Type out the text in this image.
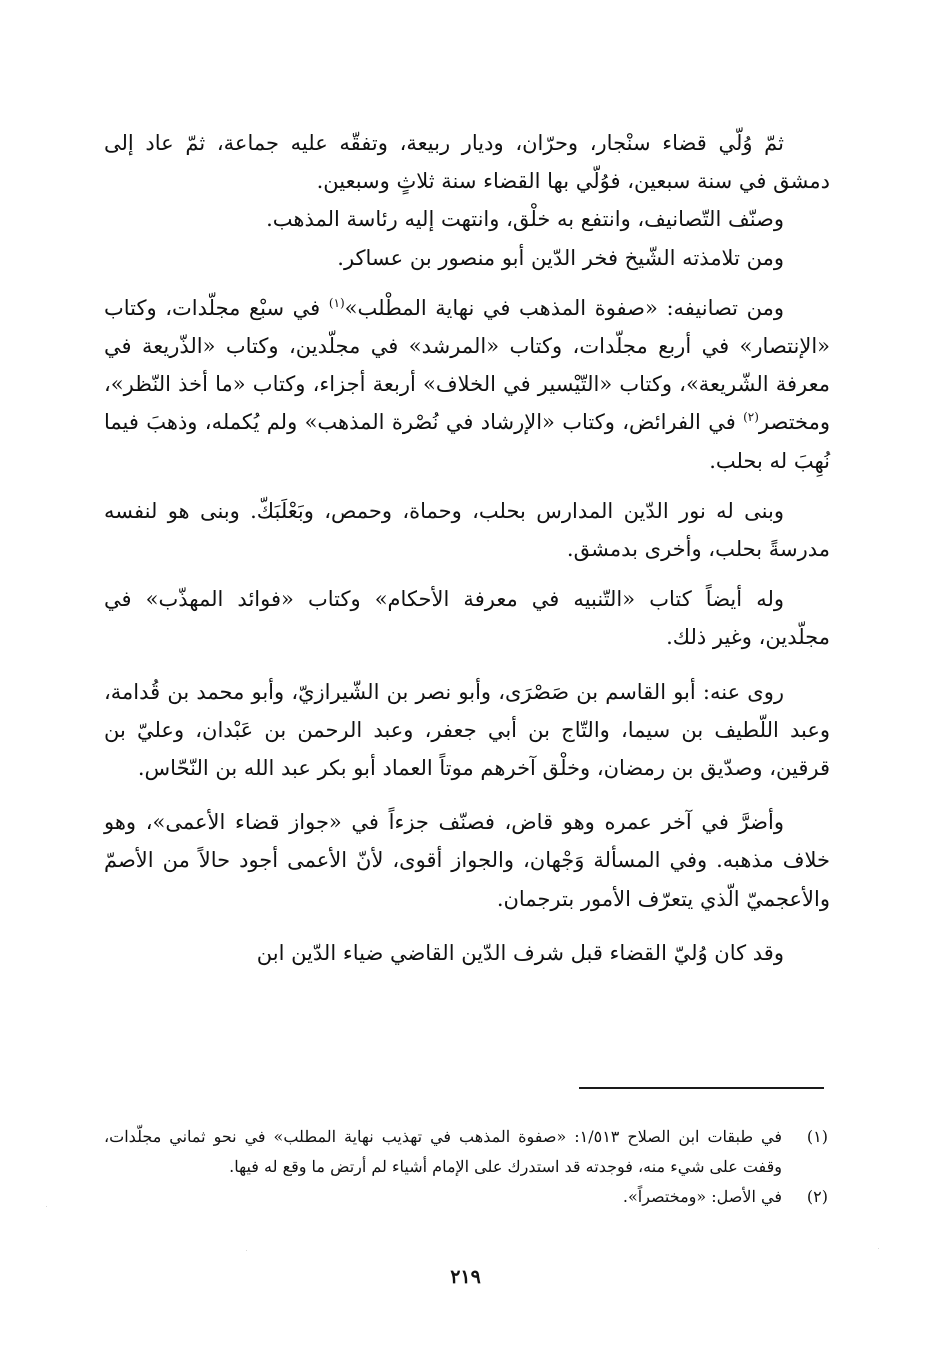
ثمّ وُلّي قضاء سنْجار، وحرّان، وديار ربيعة، وتفقّه عليه جماعة، ثمّ عاد إلى دمشق في سنة سبعين، فوُلّي بها القضاء سنة ثلاثٍ وسبعين.

وصنّف التّصانيف، وانتفع به خلْق، وانتهت إليه رئاسة المذهب.

ومن تلامذته الشّيخ فخر الدّين أبو منصور بن عساكر.

ومن تصانيفه: «صفوة المذهب في نهاية المطْلب»$^{(١)}$ في سبْع مجلّدات، وكتاب «الإنتصار» في أربع مجلّدات، وكتاب «المرشد» في مجلّدين، وكتاب «الذّريعة في معرفة الشّريعة»، وكتاب «التّيْسير في الخلاف» أربعة أجزاء، وكتاب «ما أخذ النّظر»، ومختصر$^{(٢)}$ في الفرائض، وكتاب «الإرشاد في نُصْرة المذهب» ولم يُكمله، وذهبَ فيما نُهِبَ له بحلب.

وبنى له نور الدّين المدارس بحلب، وحماة، وحمص، وبَعْلَبَكّ. وبنى هو لنفسه مدرسةً بحلب، وأخرى بدمشق.

وله أيضاً كتاب «التّنبيه في معرفة الأحكام» وكتاب «فوائد المهذّب» في مجلّدين، وغير ذلك.

روى عنه: أبو القاسم بن صَصْرَى، وأبو نصر بن الشّيرازيّ، وأبو محمد بن قُدامة، وعبد اللّطيف بن سيما، والتّاج بن أبي جعفر، وعبد الرحمن بن عَبْدان، وعليّ بن قرقين، وصدّيق بن رمضان، وخلْق آخرهم موتاً العماد أبو بكر عبد الله بن النّحّاس.

وأضرَّ في آخر عمره وهو قاض، فصنّف جزءاً في «جواز قضاء الأعمى»، وهو خلاف مذهبه. وفي المسألة وَجْهان، والجواز أقوى، لأنّ الأعمى أجود حالاً من الأصمّ والأعجميّ الّذي يتعرّف الأمور بترجمان.

وقد كان وُليّ القضاء قبل شرف الدّين القاضي ضياء الدّين ابن

(١)
في طبقات ابن الصلاح ١/٥١٣: «صفوة المذهب في تهذيب نهاية المطلب» في نحو ثماني مجلّدات، وقفت على شيء منه، فوجدته قد استدرك على الإمام أشياء لم أرتض ما وقع له فيها.
(٢)
في الأصل: «ومختصراً».
٢١٩
